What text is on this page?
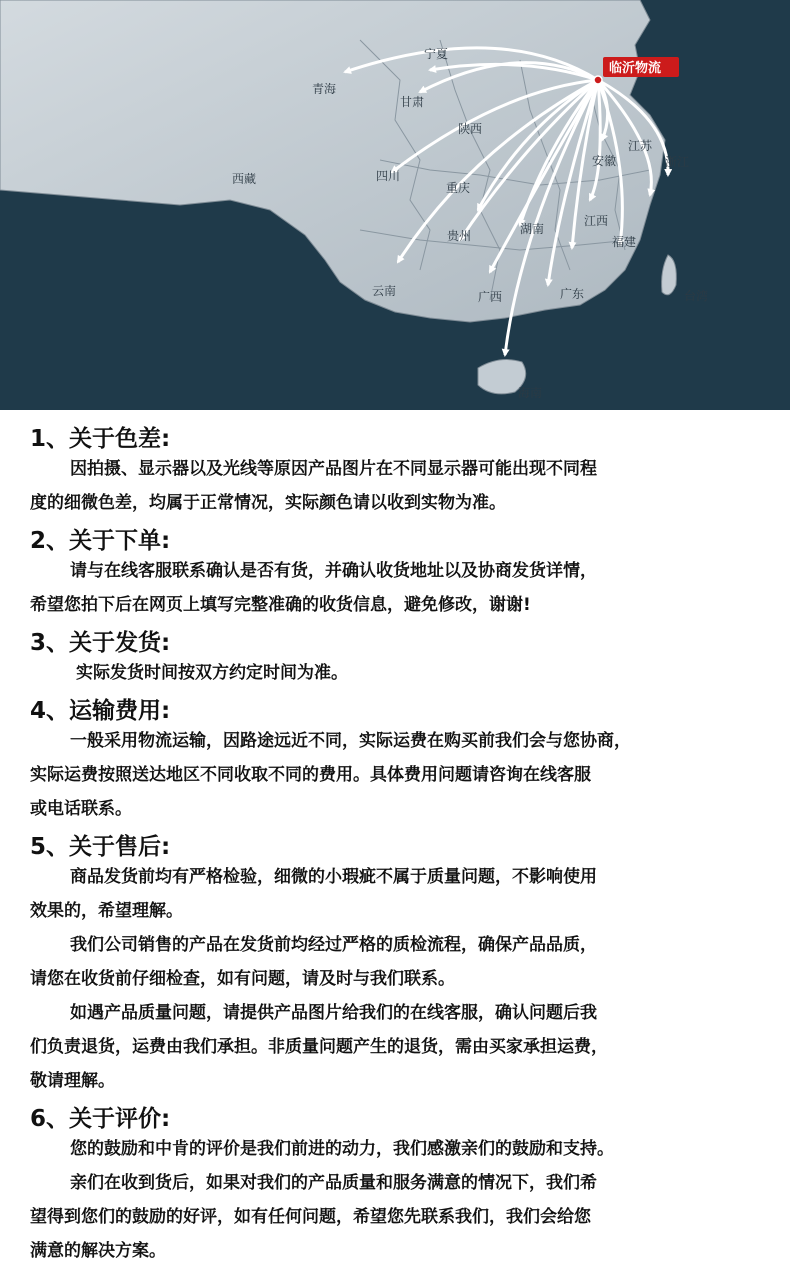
临沂物流
青海
甘肃
宁夏
陕西
四川
重庆
贵州
云南	广西	广东
湖南
江西
安徽
江苏
浙江
福建
海南
台湾
西藏
1、关于色差:
因拍摄、显示器以及光线等原因产品图片在不同显示器可能出现不同程
度的细微色差，均属于正常情况，实际颜色请以收到实物为准。
2、关于下单:
请与在线客服联系确认是否有货，并确认收货地址以及协商发货详情，
希望您拍下后在网页上填写完整准确的收货信息，避免修改，谢谢!
3、关于发货:
实际发货时间按双方约定时间为准。
4、运输费用:
一般采用物流运输，因路途远近不同，实际运费在购买前我们会与您协商，
实际运费按照送达地区不同收取不同的费用。具体费用问题请咨询在线客服
或电话联系。
5、关于售后:
商品发货前均有严格检验，细微的小瑕疵不属于质量问题，不影响使用
效果的，希望理解。
我们公司销售的产品在发货前均经过严格的质检流程，确保产品品质，
请您在收货前仔细检查，如有问题，请及时与我们联系。
如遇产品质量问题，请提供产品图片给我们的在线客服，确认问题后我
们负责退货，运费由我们承担。非质量问题产生的退货，需由买家承担运费，
敬请理解。
6、关于评价:
您的鼓励和中肯的评价是我们前进的动力，我们感激亲们的鼓励和支持。
亲们在收到货后，如果对我们的产品质量和服务满意的情况下，我们希
望得到您们的鼓励的好评，如有任何问题，希望您先联系我们，我们会给您
满意的解决方案。
